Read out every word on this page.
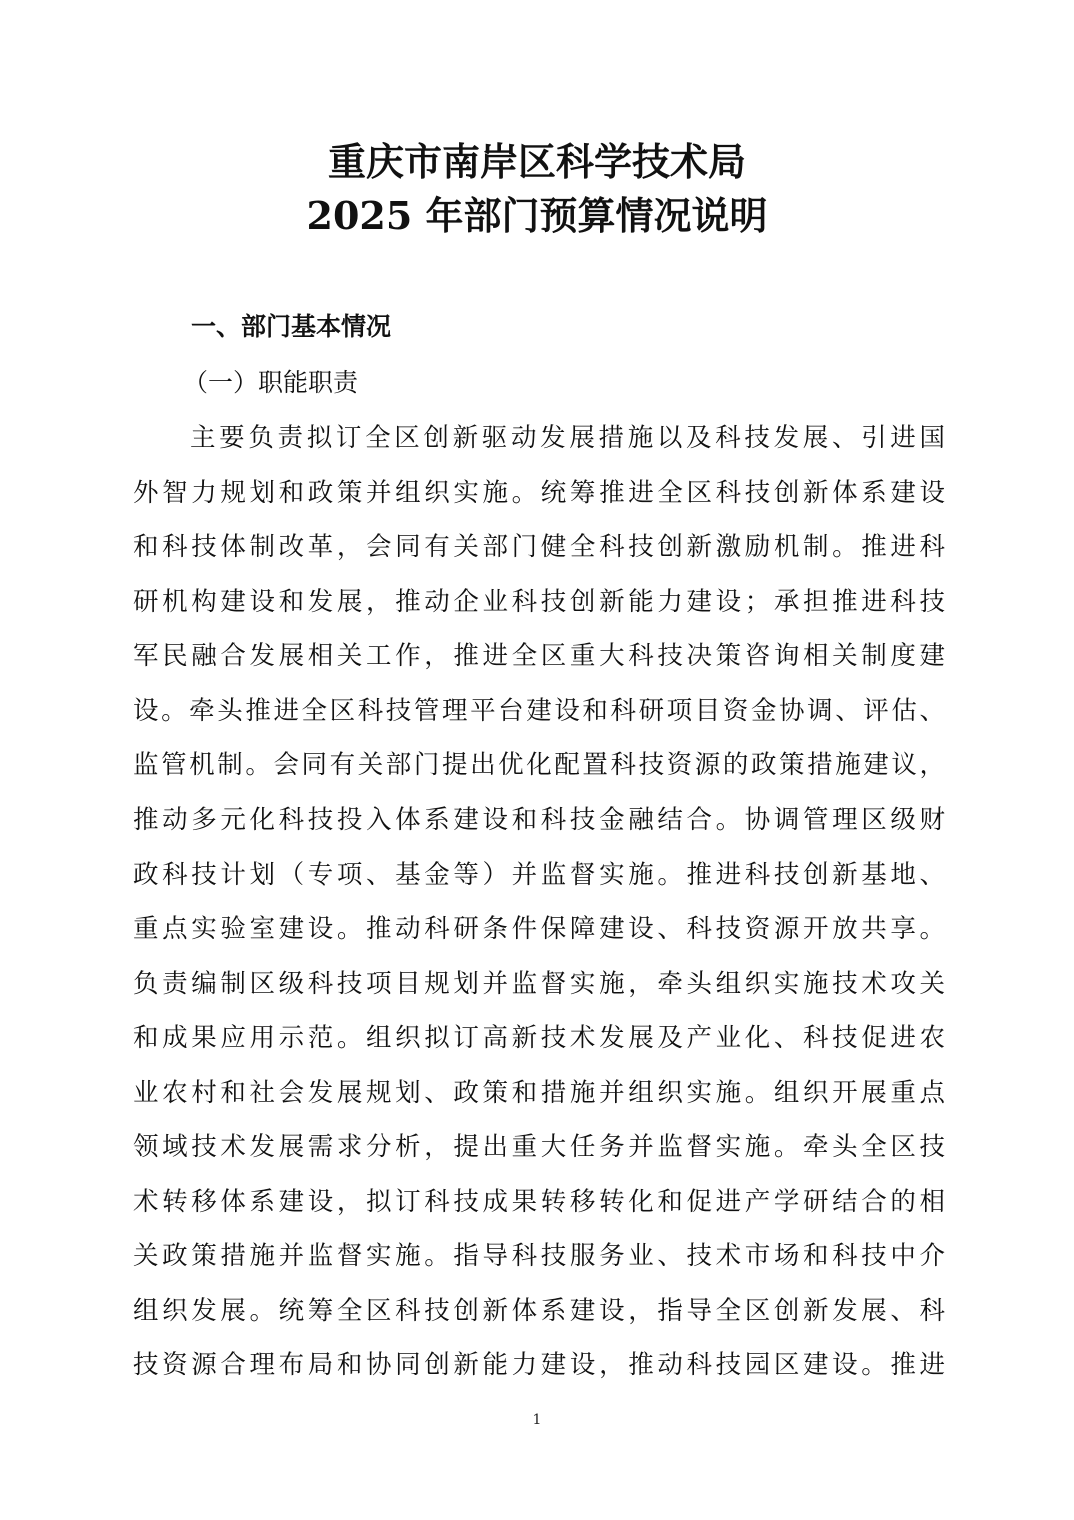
重庆市南岸区科学技术局
2025 年部门预算情况说明
一、部门基本情况
（一）职能职责
主要负责拟订全区创新驱动发展措施以及科技发展、引进国
外智力规划和政策并组织实施。统筹推进全区科技创新体系建设
和科技体制改革，会同有关部门健全科技创新激励机制。推进科
研机构建设和发展，推动企业科技创新能力建设；承担推进科技
军民融合发展相关工作，推进全区重大科技决策咨询相关制度建
设。牵头推进全区科技管理平台建设和科研项目资金协调、评估、
监管机制。会同有关部门提出优化配置科技资源的政策措施建议，
推动多元化科技投入体系建设和科技金融结合。协调管理区级财
政科技计划（专项、基金等）并监督实施。推进科技创新基地、
重点实验室建设。推动科研条件保障建设、科技资源开放共享。
负责编制区级科技项目规划并监督实施，牵头组织实施技术攻关
和成果应用示范。组织拟订高新技术发展及产业化、科技促进农
业农村和社会发展规划、政策和措施并组织实施。组织开展重点
领域技术发展需求分析，提出重大任务并监督实施。牵头全区技
术转移体系建设，拟订科技成果转移转化和促进产学研结合的相
关政策措施并监督实施。指导科技服务业、技术市场和科技中介
组织发展。统筹全区科技创新体系建设，指导全区创新发展、科
技资源合理布局和协同创新能力建设，推动科技园区建设。推进
1
